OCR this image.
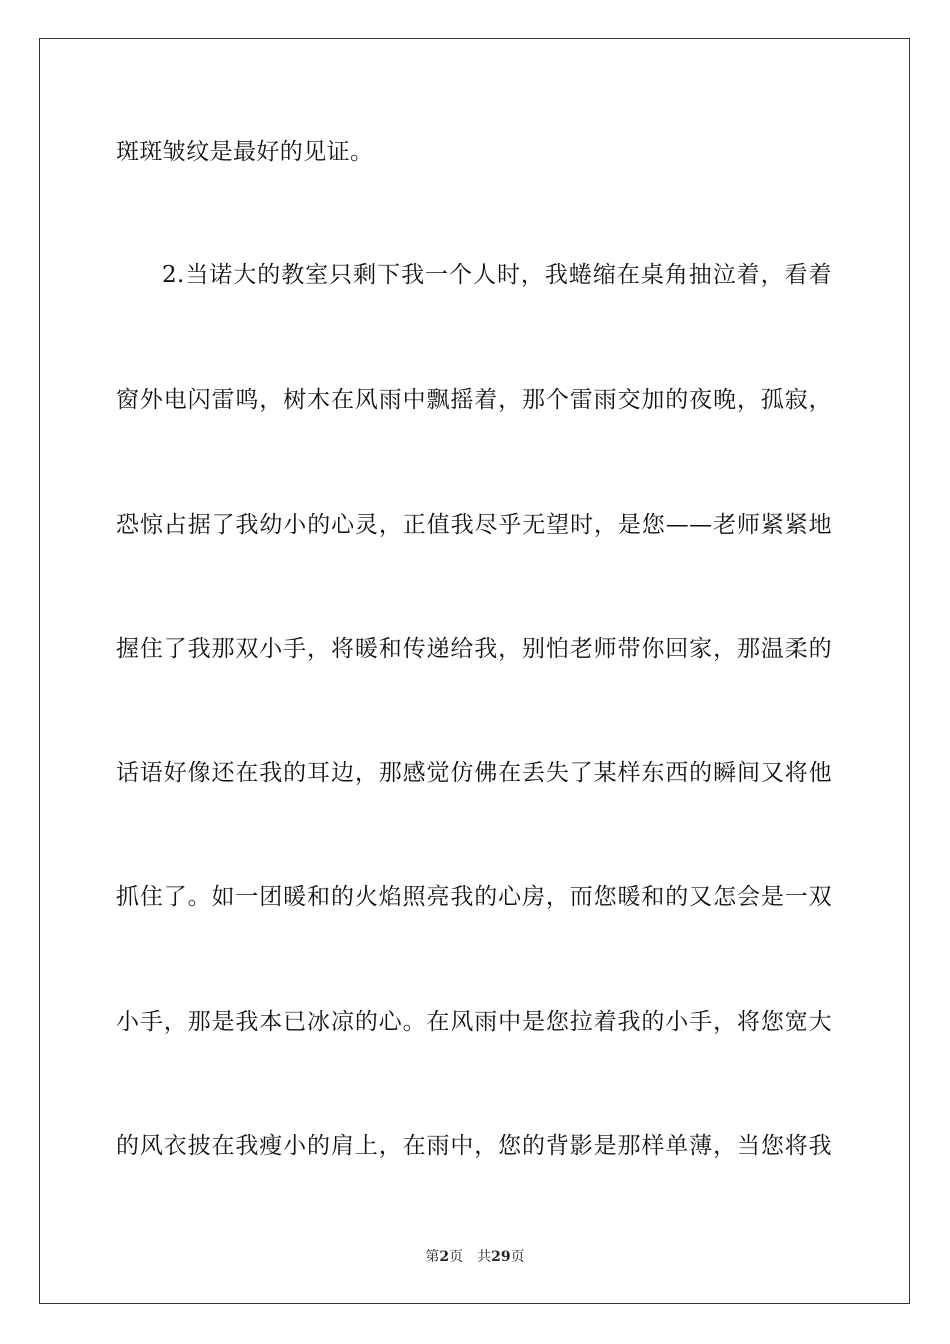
斑斑皱纹是最好的见证。
2.当诺大的教室只剩下我一个人时，我蜷缩在桌角抽泣着，看着
窗外电闪雷鸣，树木在风雨中飘摇着，那个雷雨交加的夜晚，孤寂，
恐惊占据了我幼小的心灵，正值我尽乎无望时，是您——老师紧紧地
握住了我那双小手，将暖和传递给我，别怕老师带你回家，那温柔的
话语好像还在我的耳边，那感觉仿佛在丢失了某样东西的瞬间又将他
抓住了。如一团暖和的火焰照亮我的心房，而您暖和的又怎会是一双
小手，那是我本已冰凉的心。在风雨中是您拉着我的小手，将您宽大
的风衣披在我瘦小的肩上，在雨中，您的背影是那样单薄，当您将我
第2页 共29页
